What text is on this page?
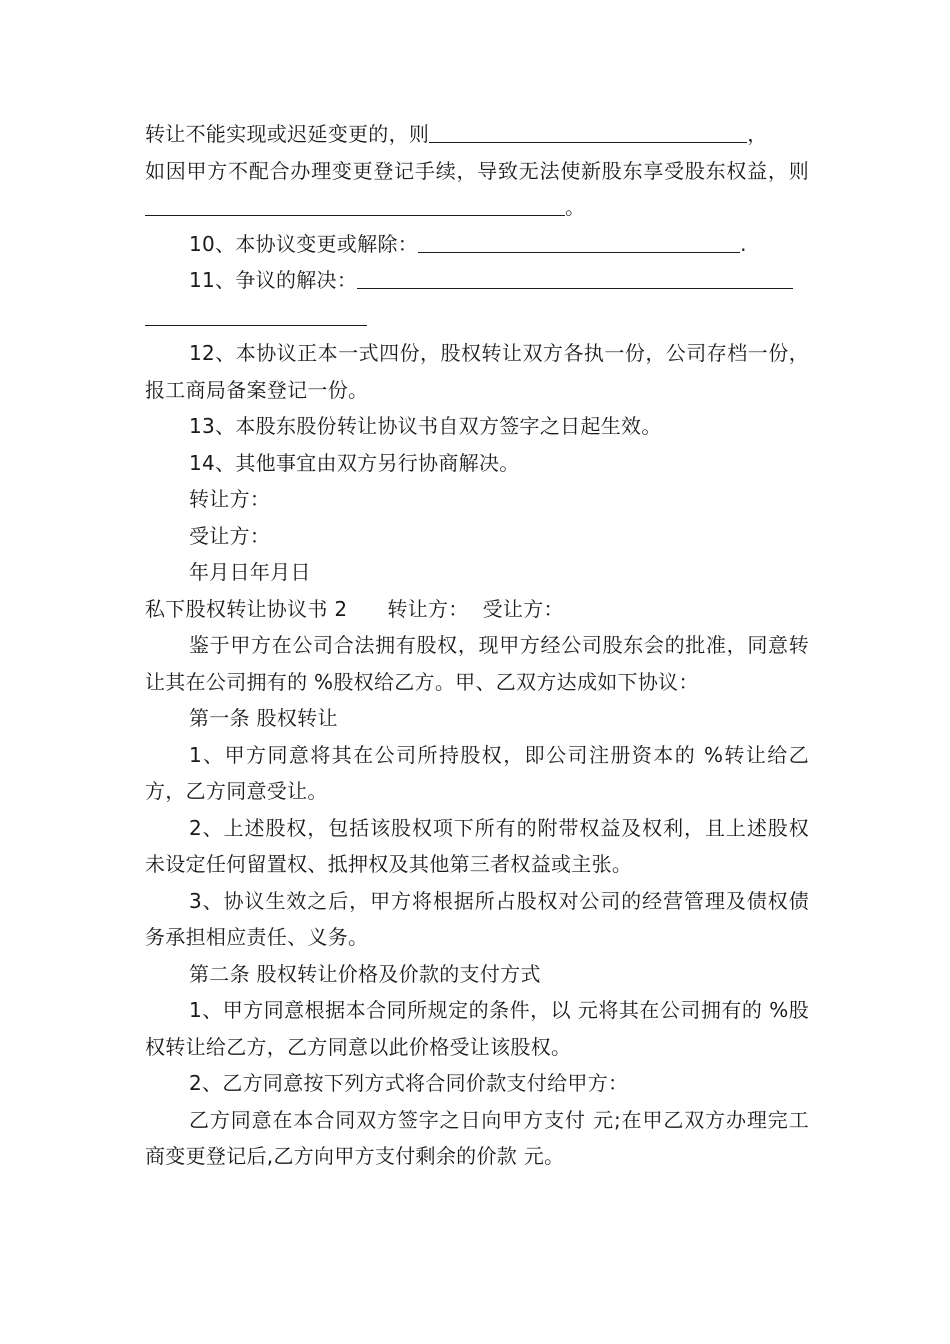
转让不能实现或迟延变更的，则	，

如因甲方不配合办理变更登记手续，导致无法使新股东享受股东权益，则。

10、本协议变更或解除：	.

11、争议的解决：

12、本协议正本一式四份，股权转让双方各执一份，公司存档一份，报工商局备案登记一份。

13、本股东股份转让协议书自双方签字之日起生效。

14、其他事宜由双方另行协商解决。

转让方：

受让方：

年月日年月日

私下股权转让协议书 2 转让方： 受让方：

鉴于甲方在公司合法拥有股权，现甲方经公司股东会的批准，同意转让其在公司拥有的 %股权给乙方。甲、乙双方达成如下协议：

第一条 股权转让

1、甲方同意将其在公司所持股权，即公司注册资本的 %转让给乙方，乙方同意受让。

2、上述股权，包括该股权项下所有的附带权益及权利，且上述股权未设定任何留置权、抵押权及其他第三者权益或主张。

3、协议生效之后，甲方将根据所占股权对公司的经营管理及债权债务承担相应责任、义务。

第二条 股权转让价格及价款的支付方式

1、甲方同意根据本合同所规定的条件，以 元将其在公司拥有的 %股权转让给乙方，乙方同意以此价格受让该股权。

2、乙方同意按下列方式将合同价款支付给甲方：

乙方同意在本合同双方签字之日向甲方支付 元;在甲乙双方办理完工商变更登记后,乙方向甲方支付剩余的价款 元。
